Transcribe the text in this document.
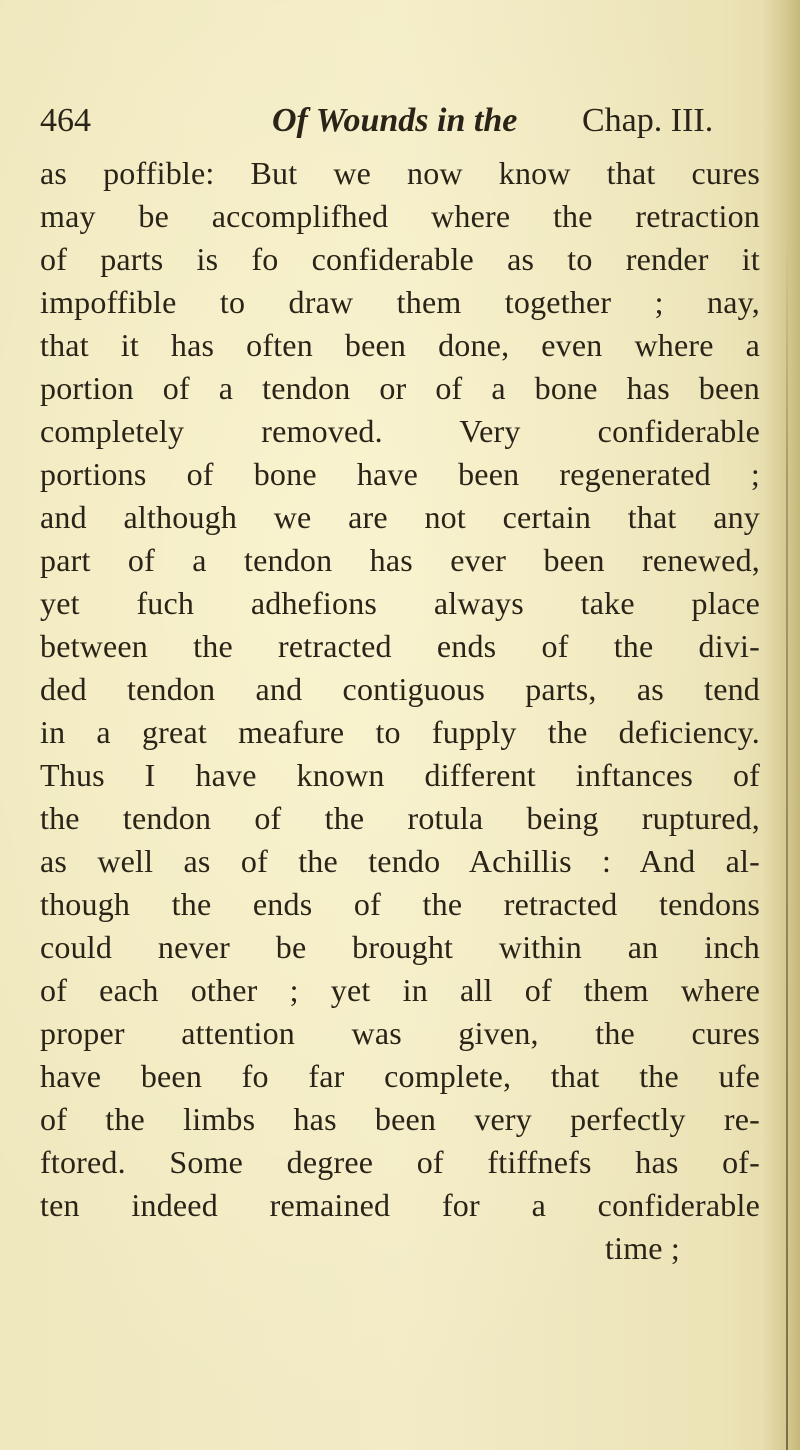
464	Of Wounds in the Chap. III.
as poffible: But we now know that cures
may be accomplifhed where the retraction
of parts is fo confiderable as to render it
impoffible to draw them together ; nay,
that it has often been done, even where a
portion of a tendon or of a bone has been
completely removed. Very confiderable
portions of bone have been regenerated ;
and although we are not certain that any
part of a tendon has ever been renewed,
yet fuch adhefions always take place
between the retracted ends of the divi-
ded tendon and contiguous parts, as tend
in a great meafure to fupply the deficiency.
Thus I have known different inftances of
the tendon of the rotula being ruptured,
as well as of the tendo Achillis : And al-
though the ends of the retracted tendons
could never be brought within an inch
of each other ; yet in all of them where
proper attention was given, the cures
have been fo far complete, that the ufe
of the limbs has been very perfectly re-
ftored. Some degree of ftiffnefs has of-
ten indeed remained for a confiderable
time ;
